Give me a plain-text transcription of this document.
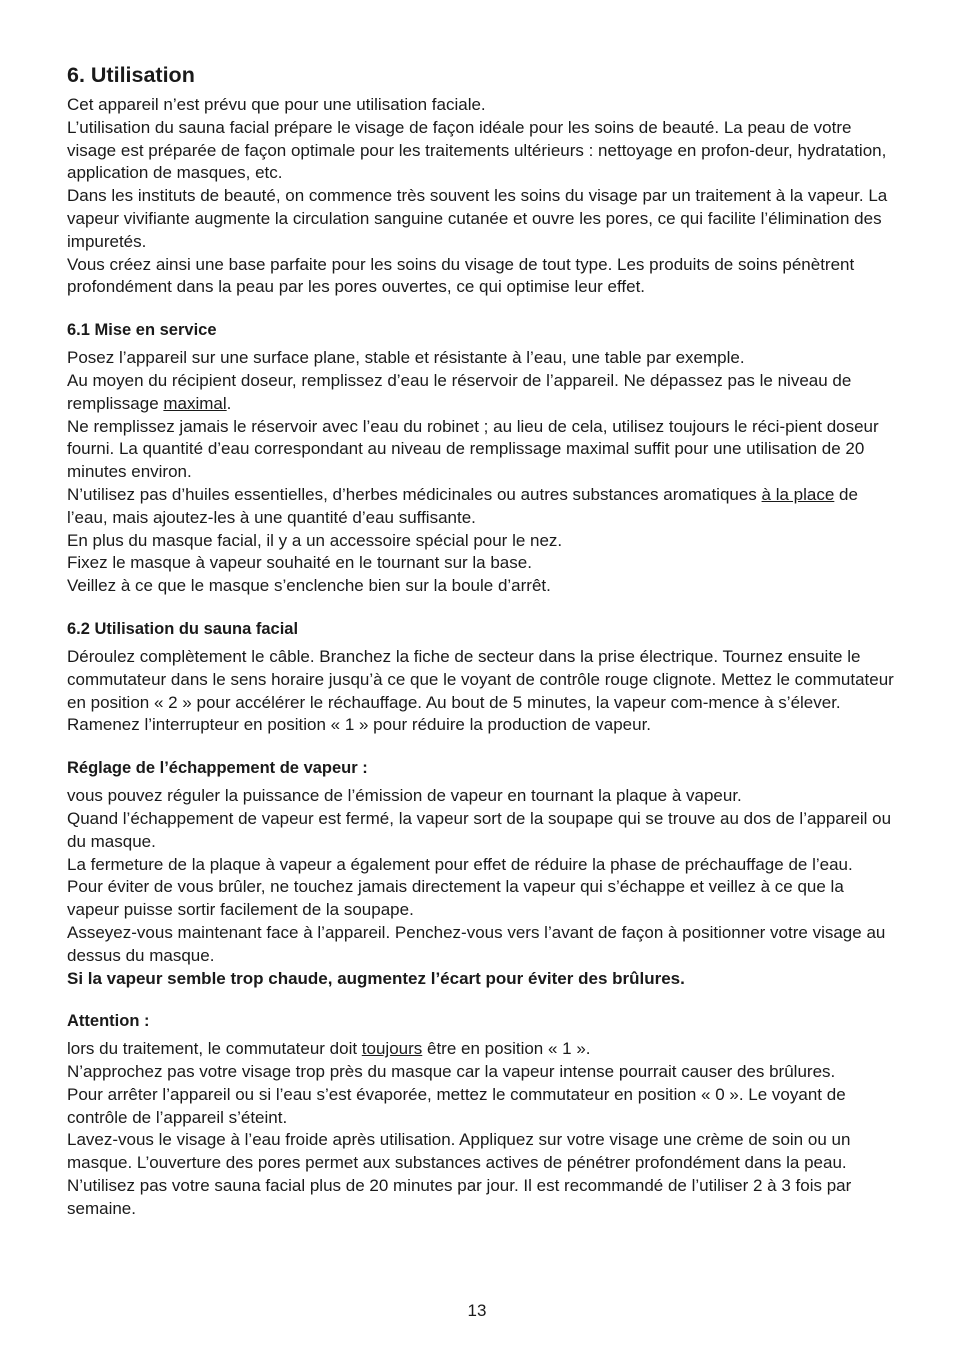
6. Utilisation

Cet appareil n’est prévu que pour une utilisation faciale.

L’utilisation du sauna facial prépare le visage de façon idéale pour les soins de beauté. La peau de votre visage est préparée de façon optimale pour les traitements ultérieurs : nettoyage en profon-deur, hydratation, application de masques, etc.

Dans les instituts de beauté, on commence très souvent les soins du visage par un traitement à la vapeur. La vapeur vivifiante augmente la circulation sanguine cutanée et ouvre les pores, ce qui facilite l’élimination des impuretés.

Vous créez ainsi une base parfaite pour les soins du visage de tout type. Les produits de soins pénètrent profondément dans la peau par les pores ouvertes, ce qui optimise leur effet.

6.1 Mise en service

Posez l’appareil sur une surface plane, stable et résistante à l’eau, une table par exemple.

Au moyen du récipient doseur, remplissez d’eau le réservoir de l’appareil. Ne dépassez pas le niveau de remplissage maximal.

Ne remplissez jamais le réservoir avec l’eau du robinet ; au lieu de cela, utilisez toujours le réci-pient doseur fourni. La quantité d’eau correspondant au niveau de remplissage maximal suffit pour une utilisation de 20 minutes environ.

N’utilisez pas d’huiles essentielles, d’herbes médicinales ou autres substances aromatiques à la place de l’eau, mais ajoutez-les à une quantité d’eau suffisante.

En plus du masque facial, il y a un accessoire spécial pour le nez.

Fixez le masque à vapeur souhaité en le tournant sur la base.

Veillez à ce que le masque s’enclenche bien sur la boule d’arrêt.

6.2 Utilisation du sauna facial

Déroulez complètement le câble. Branchez la fiche de secteur dans la prise électrique. Tournez ensuite le commutateur dans le sens horaire jusqu’à ce que le voyant de contrôle rouge clignote. Mettez le commutateur en position « 2 » pour accélérer le réchauffage. Au bout de 5 minutes, la vapeur com-mence à s’élever. Ramenez l’interrupteur en position « 1 » pour réduire la production de vapeur.

Réglage de l’échappement de vapeur :

vous pouvez réguler la puissance de l’émission de vapeur en tournant la plaque à vapeur.

Quand l’échappement de vapeur est fermé, la vapeur sort de la soupape qui se trouve au dos de l’appareil ou du masque.

La fermeture de la plaque à vapeur a également pour effet de réduire la phase de préchauffage de l’eau.

Pour éviter de vous brûler, ne touchez jamais directement la vapeur qui s’échappe et veillez à ce que la vapeur puisse sortir facilement de la soupape.

Asseyez-vous maintenant face à l’appareil. Penchez-vous vers l’avant de façon à positionner votre visage au dessus du masque.

Si la vapeur semble trop chaude, augmentez l’écart pour éviter des brûlures.

Attention :

lors du traitement, le commutateur doit toujours être en position « 1 ».

N’approchez pas votre visage trop près du masque car la vapeur intense pourrait causer des brûlures.

Pour arrêter l’appareil ou si l’eau s’est évaporée, mettez le commutateur en position « 0 ». Le voyant de contrôle de l’appareil s’éteint.

Lavez-vous le visage à l’eau froide après utilisation. Appliquez sur votre visage une crème de soin ou un masque. L’ouverture des pores permet aux substances actives de pénétrer profondément dans la peau.

N’utilisez pas votre sauna facial plus de 20 minutes par jour. Il est recommandé de l’utiliser 2 à 3 fois par semaine.

13
